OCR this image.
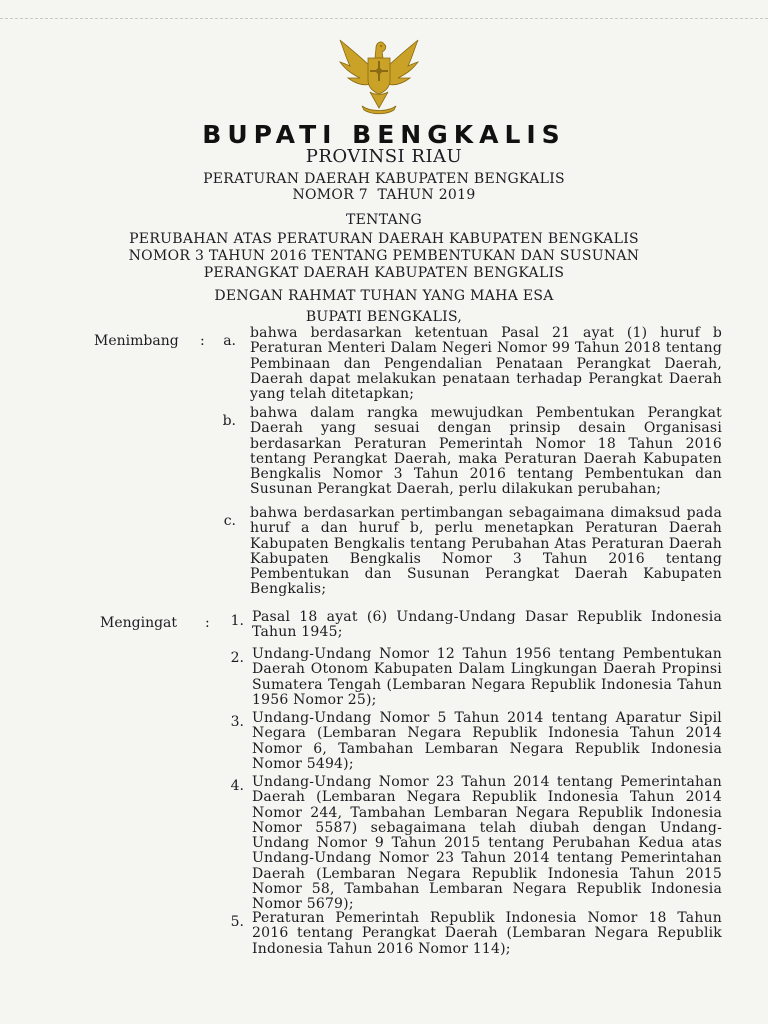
BUPATI BENGKALIS
PROVINSI RIAU
PERATURAN DAERAH KABUPATEN BENGKALIS
NOMOR 7  TAHUN 2019
TENTANG
PERUBAHAN ATAS PERATURAN DAERAH KABUPATEN BENGKALIS NOMOR 3 TAHUN 2016 TENTANG PEMBENTUKAN DAN SUSUNAN PERANGKAT DAERAH KABUPATEN BENGKALIS
DENGAN RAHMAT TUHAN YANG MAHA ESA
BUPATI BENGKALIS,
Menimbang :	a. bahwa berdasarkan ketentuan Pasal 21 ayat (1) huruf b Peraturan Menteri Dalam Negeri Nomor 99 Tahun 2018 tentang Pembinaan dan Pengendalian Penataan Perangkat Daerah, Daerah dapat melakukan penataan terhadap Perangkat Daerah yang telah ditetapkan;
b. bahwa dalam rangka mewujudkan Pembentukan Perangkat Daerah yang sesuai dengan prinsip desain Organisasi berdasarkan Peraturan Pemerintah Nomor 18 Tahun 2016 tentang Perangkat Daerah, maka Peraturan Daerah Kabupaten Bengkalis Nomor 3 Tahun 2016 tentang Pembentukan dan Susunan Perangkat Daerah, perlu dilakukan perubahan;
c. bahwa berdasarkan pertimbangan sebagaimana dimaksud pada huruf a dan huruf b, perlu menetapkan Peraturan Daerah Kabupaten Bengkalis tentang Perubahan Atas Peraturan Daerah Kabupaten Bengkalis Nomor 3 Tahun 2016 tentang Pembentukan dan Susunan Perangkat Daerah Kabupaten Bengkalis;
Mengingat :	1. Pasal 18 ayat (6) Undang-Undang Dasar Republik Indonesia Tahun 1945;
2. Undang-Undang Nomor 12 Tahun 1956 tentang Pembentukan Daerah Otonom Kabupaten Dalam Lingkungan Daerah Propinsi Sumatera Tengah (Lembaran Negara Republik Indonesia Tahun 1956 Nomor 25);
3. Undang-Undang Nomor 5 Tahun 2014 tentang Aparatur Sipil Negara (Lembaran Negara Republik Indonesia Tahun 2014 Nomor 6, Tambahan Lembaran Negara Republik Indonesia Nomor 5494);
4. Undang-Undang Nomor 23 Tahun 2014 tentang Pemerintahan Daerah (Lembaran Negara Republik Indonesia Tahun 2014 Nomor 244, Tambahan Lembaran Negara Republik Indonesia Nomor 5587) sebagaimana telah diubah dengan Undang-Undang Nomor 9 Tahun 2015 tentang Perubahan Kedua atas Undang-Undang Nomor 23 Tahun 2014 tentang Pemerintahan Daerah (Lembaran Negara Republik Indonesia Tahun 2015 Nomor 58, Tambahan Lembaran Negara Republik Indonesia Nomor 5679);
5. Peraturan Pemerintah Republik Indonesia Nomor 18 Tahun 2016 tentang Perangkat Daerah (Lembaran Negara Republik Indonesia Tahun 2016 Nomor 114);
